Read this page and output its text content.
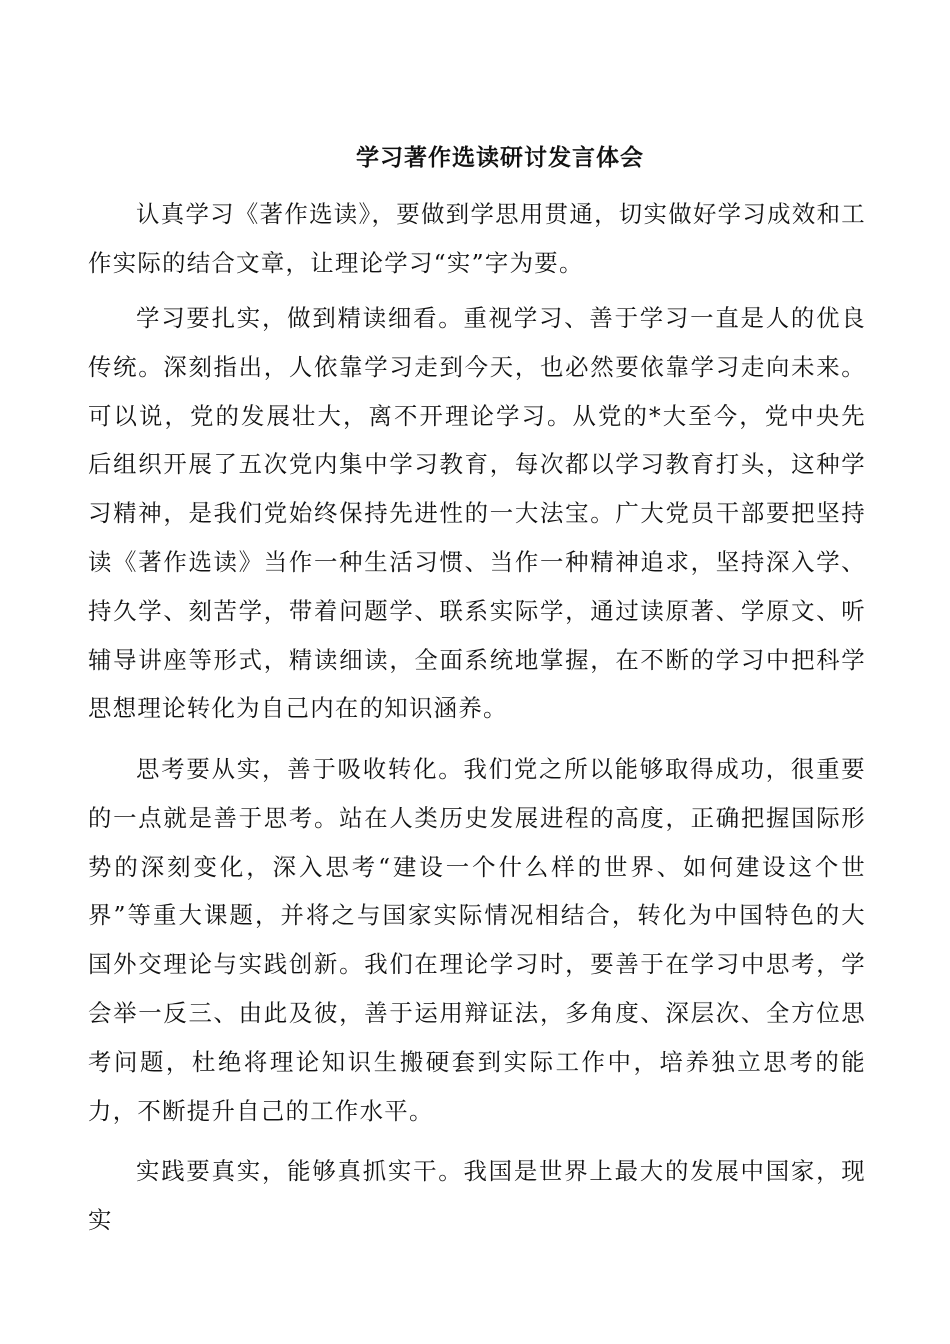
学习著作选读研讨发言体会

认真学习《著作选读》，要做到学思用贯通，切实做好学习成效和工作实际的结合文章，让理论学习“实”字为要。

学习要扎实，做到精读细看。重视学习、善于学习一直是人的优良传统。深刻指出，人依靠学习走到今天，也必然要依靠学习走向未来。可以说，党的发展壮大，离不开理论学习。从党的*大至今，党中央先后组织开展了五次党内集中学习教育，每次都以学习教育打头，这种学习精神，是我们党始终保持先进性的一大法宝。广大党员干部要把坚持读《著作选读》当作一种生活习惯、当作一种精神追求，坚持深入学、持久学、刻苦学，带着问题学、联系实际学，通过读原著、学原文、听辅导讲座等形式，精读细读，全面系统地掌握，在不断的学习中把科学思想理论转化为自己内在的知识涵养。

思考要从实，善于吸收转化。我们党之所以能够取得成功，很重要的一点就是善于思考。站在人类历史发展进程的高度，正确把握国际形势的深刻变化，深入思考“建设一个什么样的世界、如何建设这个世界”等重大课题，并将之与国家实际情况相结合，转化为中国特色的大国外交理论与实践创新。我们在理论学习时，要善于在学习中思考，学会举一反三、由此及彼，善于运用辩证法，多角度、深层次、全方位思考问题，杜绝将理论知识生搬硬套到实际工作中，培养独立思考的能力，不断提升自己的工作水平。

实践要真实，能够真抓实干。我国是世界上最大的发展中国家，现实
